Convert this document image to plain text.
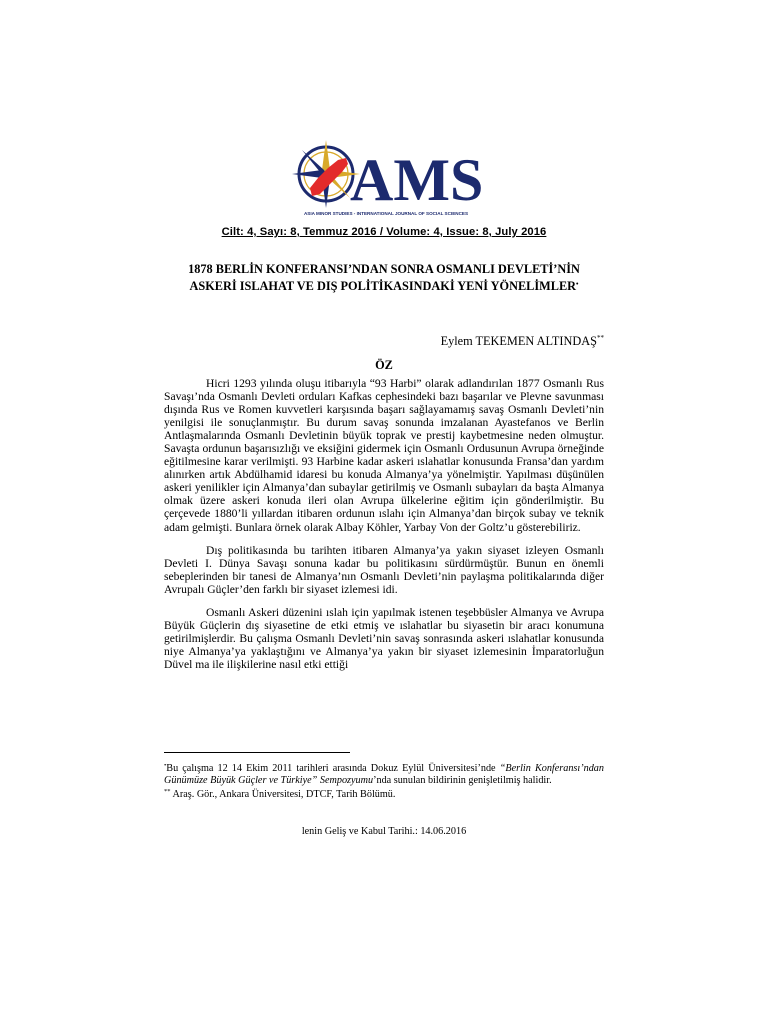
AMS
ASIA MINOR STUDIES - INTERNATIONAL JOURNAL OF SOCIAL SCIENCES
Cilt: 4, Sayı: 8, Temmuz 2016 / Volume: 4, Issue: 8, July 2016
1878 BERLİN KONFERANSI’NDAN SONRA OSMANLI DEVLETİ’NİN
ASKERİ ISLAHAT VE DIŞ POLİTİKASINDAKİ YENİ YÖNELİMLER•
Eylem TEKEMEN ALTINDAŞ**
ÖZ

Hicri 1293 yılında oluşu itibarıyla “93 Harbi” olarak adlandırılan 1877 Osmanlı Rus Savaşı’nda Osmanlı Devleti orduları Kafkas cephesindeki bazı başarılar ve Plevne savunması dışında Rus ve Romen kuvvetleri karşısında başarı sağlayamamış savaş Osmanlı Devleti’nin yenilgisi ile sonuçlanmıştır. Bu durum savaş sonunda imzalanan Ayastefanos ve Berlin Antlaşmalarında Osmanlı Devletinin büyük toprak ve prestij kaybetmesine neden olmuştur. Savaşta ordunun başarısızlığı ve eksiğini gidermek için Osmanlı Ordusunun Avrupa örneğinde eğitilmesine karar verilmişti. 93 Harbine kadar askeri ıslahatlar konusunda Fransa’dan yardım alınırken artık Abdülhamid idaresi bu konuda Almanya’ya yönelmiştir. Yapılması düşünülen askeri yenilikler için Almanya’dan subaylar getirilmiş ve Osmanlı subayları da başta Almanya olmak üzere askeri konuda ileri olan Avrupa ülkelerine eğitim için gönderilmiştir. Bu çerçevede 1880’li yıllardan itibaren ordunun ıslahı için Almanya’dan birçok subay ve teknik adam gelmişti. Bunlara örnek olarak Albay Köhler, Yarbay Von der Goltz’u gösterebiliriz.

Dış politikasında bu tarihten itibaren Almanya’ya yakın siyaset izleyen Osmanlı Devleti I. Dünya Savaşı sonuna kadar bu politikasını sürdürmüştür. Bunun en önemli sebeplerinden bir tanesi de Almanya’nın Osmanlı Devleti’nin paylaşma politikalarında diğer Avrupalı Güçler’den farklı bir siyaset izlemesi idi.

Osmanlı Askeri düzenini ıslah için yapılmak istenen teşebbüsler Almanya ve Avrupa Büyük Güçlerin dış siyasetine de etki etmiş ve ıslahatlar bu siyasetin bir aracı konumuna getirilmişlerdir. Bu çalışma Osmanlı Devleti’nin savaş sonrasında askeri ıslahatlar konusunda niye Almanya’ya yaklaştığını ve Almanya’ya yakın bir siyaset izlemesinin İmparatorluğun Düvel ma ile ilişkilerine nasıl etki ettiği

•Bu çalışma 12 14 Ekim 2011 tarihleri arasında Dokuz Eylül Üniversitesi’nde “Berlin Konferansı’ndan Günümüze Büyük Güçler ve Türkiye” Sempozyumu’nda sunulan bildirinin genişletilmiş halidir.

** Araş. Gör., Ankara Üniversitesi, DTCF, Tarih Bölümü.

lenin Geliş ve Kabul Tarihi.: 14.06.2016
